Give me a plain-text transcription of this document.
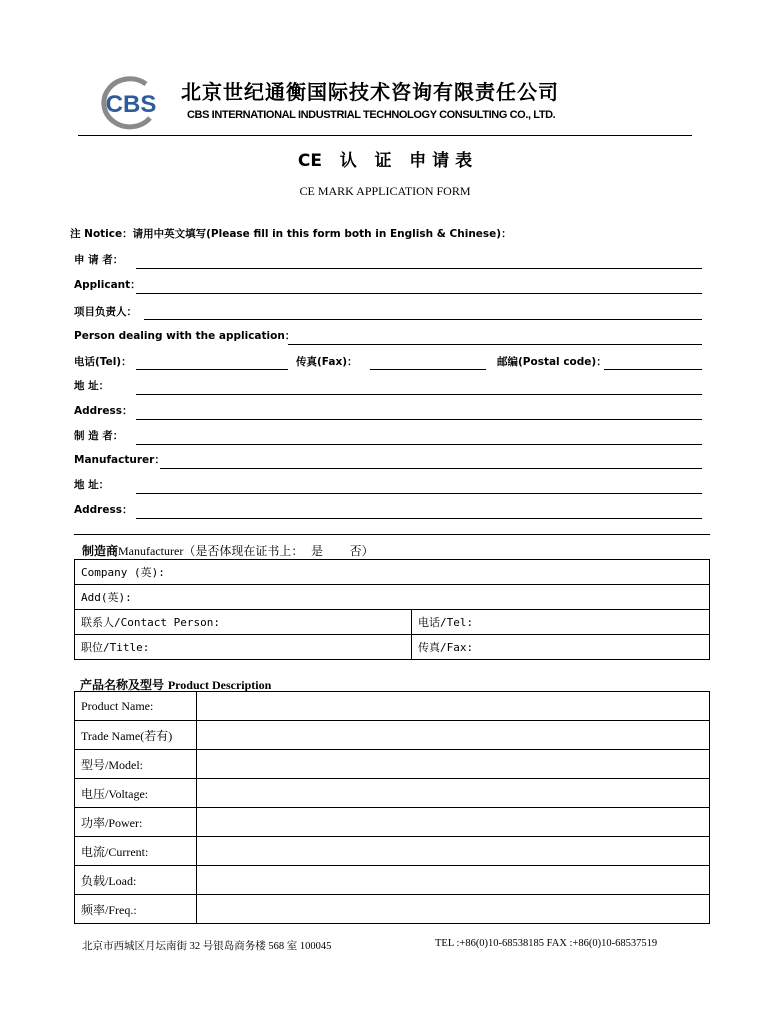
CBS 北京世纪通衡国际技术咨询有限责任公司
CBS INTERNATIONAL INDUSTRIAL TECHNOLOGY CONSULTING CO., LTD.
CE   认   证   申 请 表
CE MARK APPLICATION FORM
注 Notice：请用中英文填写(Please fill in this form both in English & Chinese)：
申 请 者：
Applicant：
项目负责人：
Person dealing with the application：
电话(Tel)：	传真(Fax)：	邮编(Postal code)：
地 址：
Address：
制 造 者：
Manufacturer：
地 址：
Address：
制造商Manufacturer（是否体现在证书上：  是       否）
Company (英):	
Add(英):	
联系人/Contact Person:	电话/Tel:
职位/Title:	传真/Fax:
产品名称及型号 Product Description
Product Name:	
Trade Name(若有)	
型号/Model:	
电压/Voltage:	
功率/Power:	
电流/Current:	
负载/Load:	
频率/Freq.:	
北京市西城区月坛南街 32 号银岛商务楼 568 室 100045	TEL :+86(0)10-68538185 FAX :+86(0)10-68537519
